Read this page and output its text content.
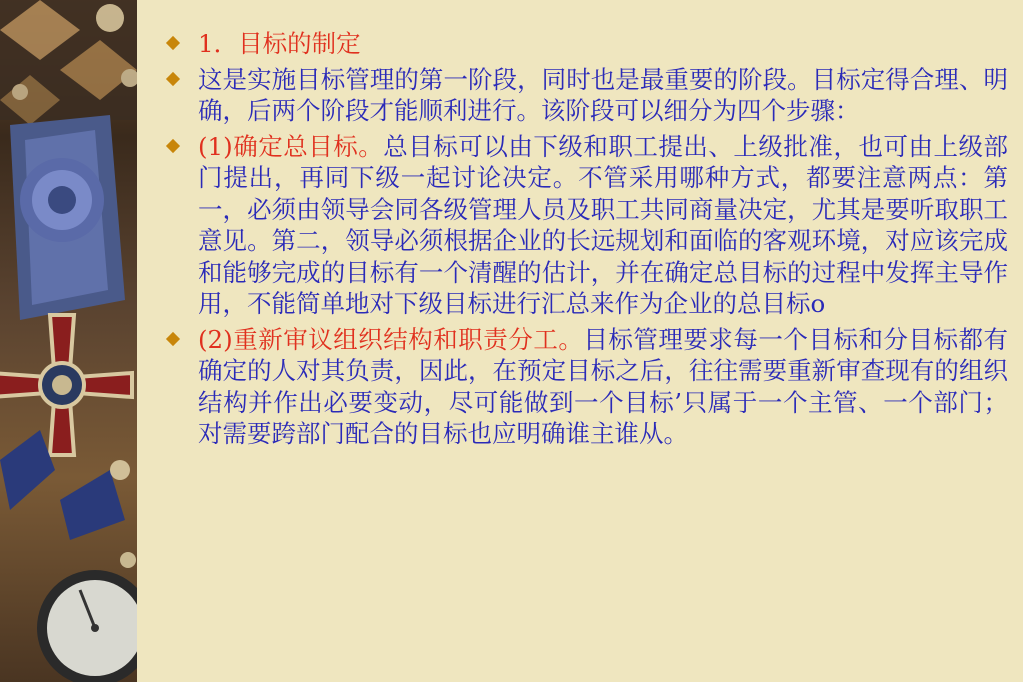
1．目标的制定
这是实施目标管理的第一阶段，同时也是最重要的阶段。目标定得合理、明确，后两个阶段才能顺利进行。该阶段可以细分为四个步骤：
(1)确定总目标。总目标可以由下级和职工提出、上级批准，也可由上级部门提出，再同下级一起讨论决定。不管采用哪种方式，都要注意两点：第一，必须由领导会同各级管理人员及职工共同商量决定，尤其是要听取职工意见。第二，领导必须根据企业的长远规划和面临的客观环境，对应该完成和能够完成的目标有一个清醒的估计，并在确定总目标的过程中发挥主导作用，不能简单地对下级目标进行汇总来作为企业的总目标o
(2)重新审议组织结构和职责分工。目标管理要求每一个目标和分目标都有确定的人对其负责，因此，在预定目标之后，往往需要重新审查现有的组织结构并作出必要变动，尽可能做到一个目标’只属于一个主管、一个部门；对需要跨部门配合的目标也应明确谁主谁从。
